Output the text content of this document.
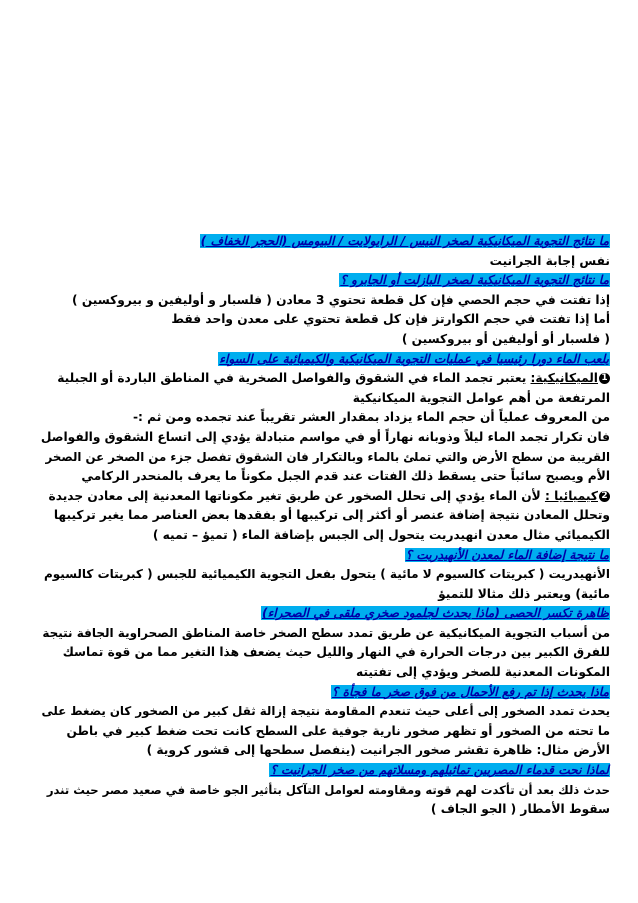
ما نتائج التجوية الميكانيكية لصخر النيس / الرايولايت / البيومس (الحجر الخفاف )
نفس إجابة الجرانيت
ما نتائج التجوية الميكانيكية لصخر البازلت أو الجابرو ؟
إذا تفتت في حجم الحصي فإن كل قطعة تحتوي 3 معادن ( فلسبار و أوليفين و بيروكسين )
أما إذا تفتت في حجم الكوارتز فإن كل قطعة تحتوي على معدن واحد فقط
( فلسبار أو أوليفين أو بيروكسين )
يلعب الماء دورا رئيسيا في عمليات التجوية الميكانيكية والكيميائية على السواء
1الميكانيكية: يعتبر تجمد الماء في الشقوق والفواصل الصخرية في المناطق الباردة أو الجبلية
المرتفعة من أهم عوامل التجوية الميكانيكية
من المعروف عملياً أن حجم الماء يزداد بمقدار العشر تقريباً عند تجمده ومن ثم :-
فان تكرار تجمد الماء ليلاً وذوبانه نهاراً أو في مواسم متبادلة يؤدي إلى اتساع الشقوق والفواصل
القريبة من سطح الأرض والتي تملئ بالماء وبالتكرار فان الشقوق تفصل جزء من الصخر عن الصخر
الأم ويصبح سائباً حتى يسقط ذلك الفتات عند قدم الجبل مكوناً ما يعرف بالمنحدر الركامي
2كيميائيا : لأن الماء يؤدي إلى تحلل الصخور عن طريق تغير مكوناتها المعدنية إلى معادن جديدة
وتحلل المعادن نتيجة إضافة عنصر أو أكثر إلى تركيبها أو بفقدها بعض العناصر مما يغير تركيبها
الكيميائي مثال معدن انهيدريت يتحول إلى الجبس بإضافة الماء ( تميؤ – تميه )
ما نتيجة إضافة الماء لمعدن الأنهيدريت ؟
الأنهيدريت ( كبريتات كالسيوم لا مائية ) يتحول بفعل التجوية الكيميائية للجبس ( كبريتات كالسيوم
مائية) ويعتبر ذلك مثالا للتميؤ
ظاهرة تكسر الحصى (ماذا يحدث لجلمود صخري ملقى في الصحراء)
من أسباب التجوية الميكانيكية عن طريق تمدد سطح الصخر خاصة المناطق الصحراوية الجافة نتيجة
للفرق الكبير بين درجات الحرارة في النهار والليل حيث يضعف هذا التغير مما من قوة تماسك
المكونات المعدنية للصخر ويؤدي إلى تفتيته
ماذا يحدث إذا تم رفع الأحمال من فوق صخر ما فجأة ؟
يحدث تمدد الصخور إلى أعلى حيث تنعدم المقاومة نتيجة إزالة ثقل كبير من الصخور كان يضغط على
ما تحته من الصخور أو تظهر صخور نارية جوفية على السطح كانت تحت ضغط كبير في باطن
الأرض مثال: ظاهرة تقشر صخور الجرانيت (ينفصل سطحها إلى قشور كروية )
لماذا نحت قدماء المصريين تماثيلهم ومسلاتهم من صخر الجرانيت ؟
حدث ذلك بعد أن تأكدت لهم قوته ومقاومته لعوامل التآكل بتأثير الجو خاصة في صعيد مصر حيث تندر
سقوط الأمطار ( الجو الجاف )
